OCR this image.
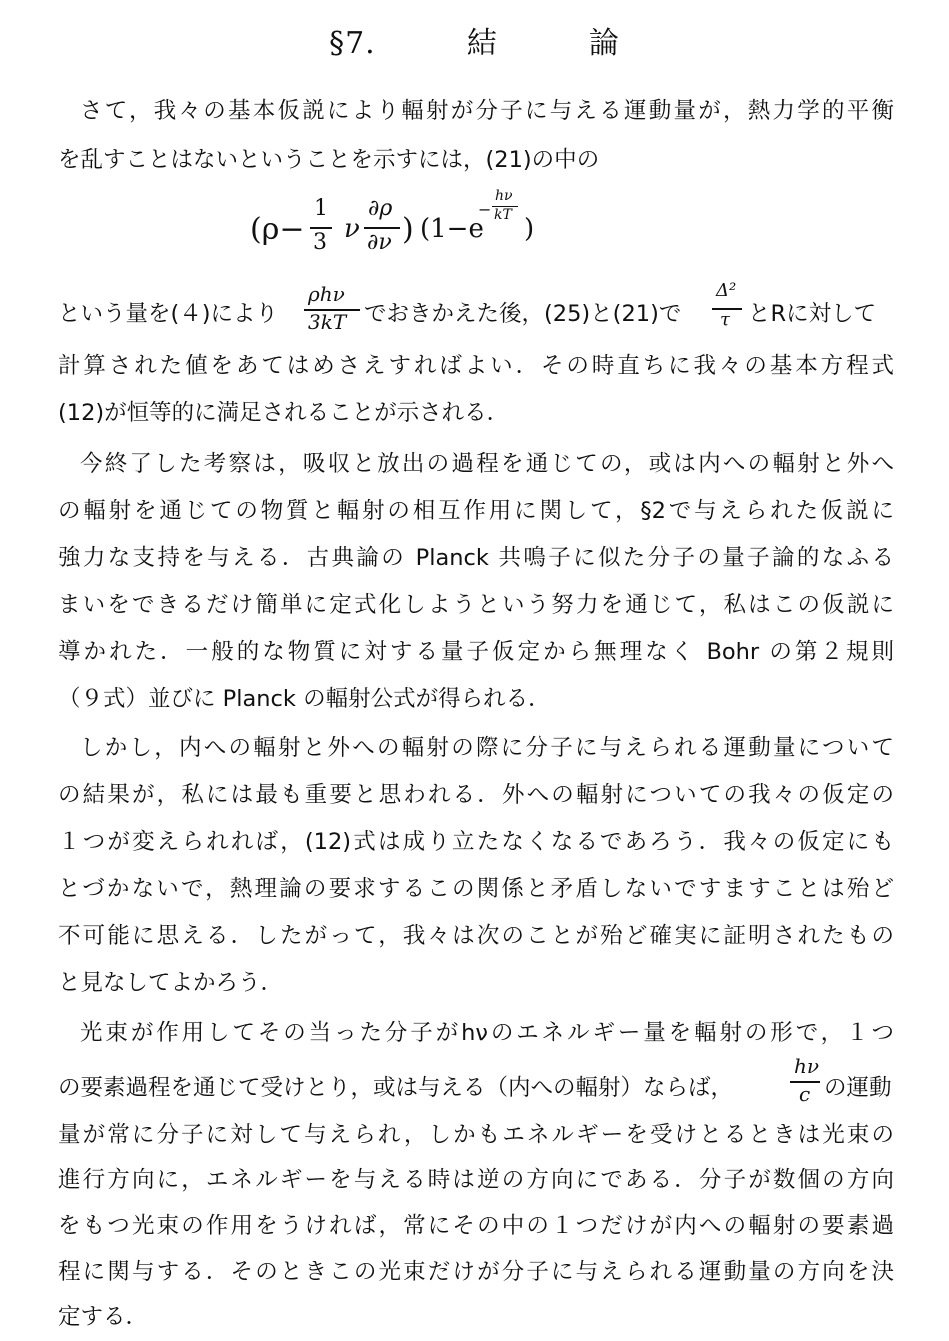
§7.	結	論
さて，我々の基本仮説により輻射が分子に与える運動量が，熱力学的平衡
を乱すことはないということを示すには，(21)の中の
(ρ−
1
3 ν
∂ρ
∂ν ) (1−e
−
hν
kT )
という量を(４)により
ρhν
3kT でおきかえた後，(25)と(21)で
Δ²
τ とRに対して
計算された値をあてはめさえすればよい．その時直ちに我々の基本方程式
(12)が恒等的に満足されることが示される．
今終了した考察は，吸収と放出の過程を通じての，或は内への輻射と外へ
の輻射を通じての物質と輻射の相互作用に関して，§2で与えられた仮説に
強力な支持を与える．古典論の Planck 共鳴子に似た分子の量子論的なふる
まいをできるだけ簡単に定式化しようという努力を通じて，私はこの仮説に
導かれた．一般的な物質に対する量子仮定から無理なく Bohr の第２規則
（９式）並びに Planck の輻射公式が得られる．
しかし，内への輻射と外への輻射の際に分子に与えられる運動量について
の結果が，私には最も重要と思われる．外への輻射についての我々の仮定の
１つが変えられれば，(12)式は成り立たなくなるであろう．我々の仮定にも
とづかないで，熱理論の要求するこの関係と矛盾しないですますことは殆ど
不可能に思える．したがって，我々は次のことが殆ど確実に証明されたもの
と見なしてよかろう．
光束が作用してその当った分子がhνのエネルギー量を輻射の形で，１つ
の要素過程を通じて受けとり，或は与える（内への輻射）ならば，
hν
c の運動
量が常に分子に対して与えられ，しかもエネルギーを受けとるときは光束の
進行方向に，エネルギーを与える時は逆の方向にである．分子が数個の方向
をもつ光束の作用をうければ，常にその中の１つだけが内への輻射の要素過
程に関与する．そのときこの光束だけが分子に与えられる運動量の方向を決
定する．
